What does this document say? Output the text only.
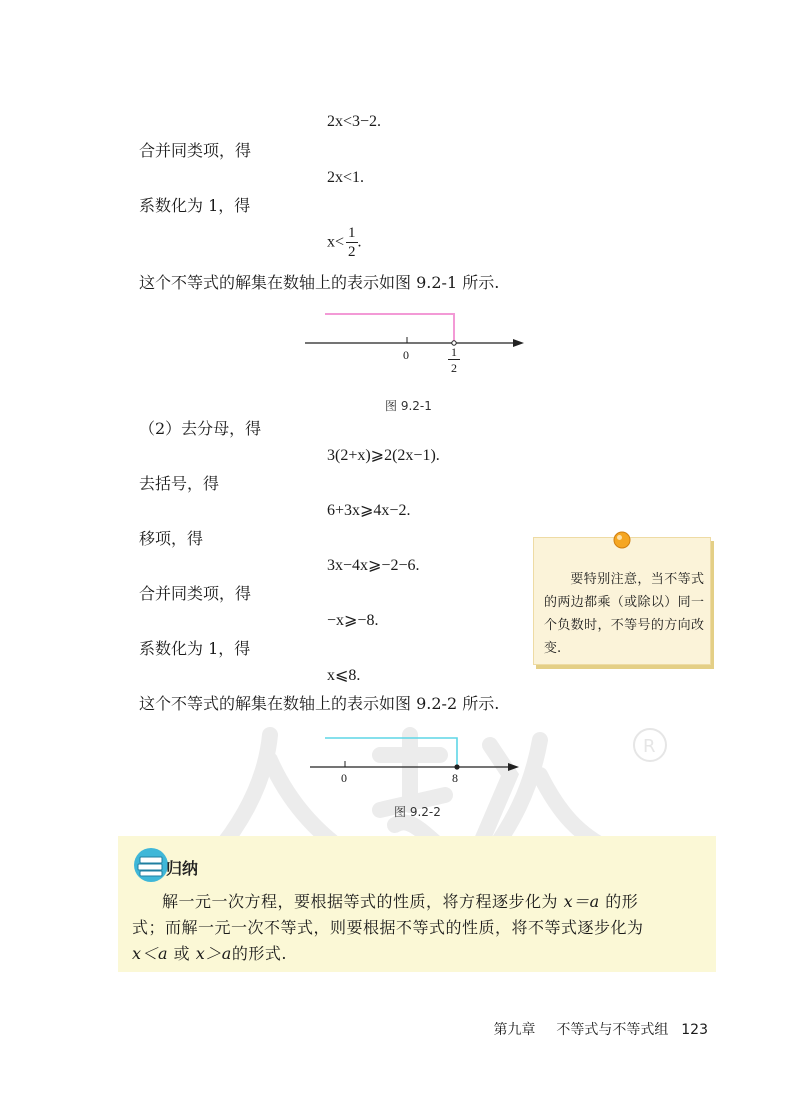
R
2x<3−2.
合并同类项，得
2x<1.
系数化为 1，得
$x< \frac{1}{2}$ .
这个不等式的解集在数轴上的表示如图 9.2-1 所示.
0	$\frac{1}{2}$
图 9.2-1
（2）去分母，得
3(2+x)⩾2(2x−1).
去括号，得
6+3x⩾4x−2.
移项，得
3x−4x⩾−2−6.
合并同类项，得
−x⩾−8.
系数化为 1，得
x⩽8.
这个不等式的解集在数轴上的表示如图 9.2-2 所示.
要特别注意，当不等式的两边都乘（或除以）同一个负数时，不等号的方向改变.
0	8
图 9.2-2
归纳
解一元一次方程，要根据等式的性质，将方程逐步化为 x＝a 的形
式；而解一元一次不等式，则要根据不等式的性质，将不等式逐步化为
x＜a 或 x＞a的形式.
第九章 不等式与不等式组 123
